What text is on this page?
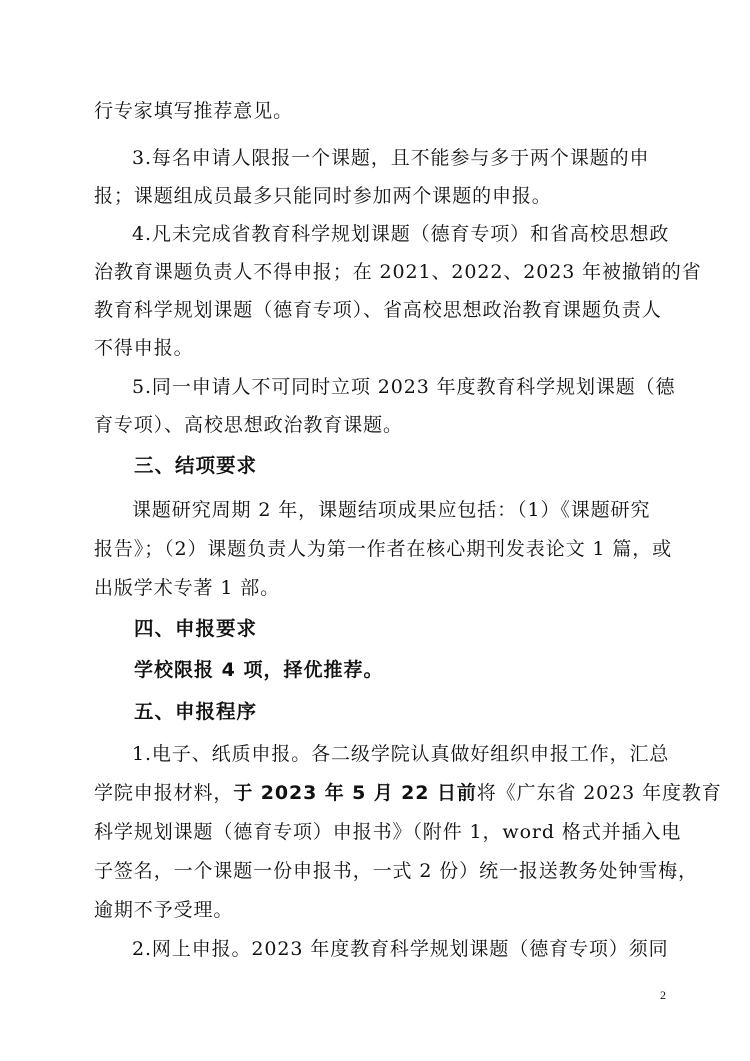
行专家填写推荐意见。
3.每名申请人限报一个课题，且不能参与多于两个课题的申
报；课题组成员最多只能同时参加两个课题的申报。
4.凡未完成省教育科学规划课题（德育专项）和省高校思想政
治教育课题负责人不得申报；在 2021、2022、2023 年被撤销的省
教育科学规划课题（德育专项）、省高校思想政治教育课题负责人
不得申报。
5.同一申请人不可同时立项 2023 年度教育科学规划课题（德
育专项）、高校思想政治教育课题。
三、结项要求
课题研究周期 2 年，课题结项成果应包括：（1）《课题研究
报告》；（2）课题负责人为第一作者在核心期刊发表论文 1 篇，或
出版学术专著 1 部。
四、申报要求
学校限报 4 项，择优推荐。
五、申报程序
1.电子、纸质申报。各二级学院认真做好组织申报工作，汇总
学院申报材料，于 2023 年 5 月 22 日前将《广东省 2023 年度教育
科学规划课题（德育专项）申报书》（附件 1，word 格式并插入电
子签名，一个课题一份申报书，一式 2 份）统一报送教务处钟雪梅，
逾期不予受理。
2.网上申报。2023 年度教育科学规划课题（德育专项）须同
2
